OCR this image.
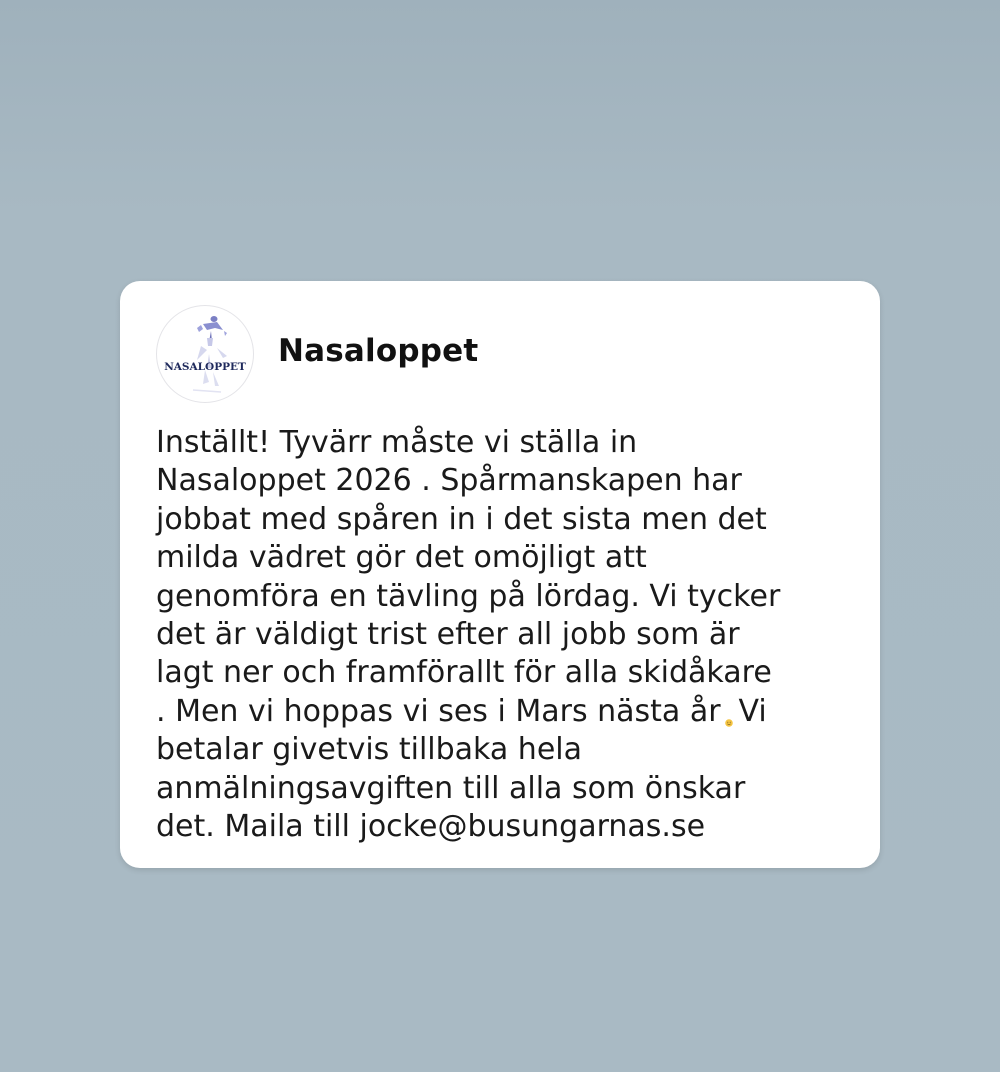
NASALOPPET Nasaloppet
Inställt! Tyvärr måste vi ställa in
Nasaloppet 2026 . Spårmanskapen har
jobbat med spåren in i det sista men det
milda vädret gör det omöjligt att
genomföra en tävling på lördag. Vi tycker
det är väldigt trist efter all jobb som är
lagt ner och framförallt för alla skidåkare
. Men vi hoppas vi ses i Mars nästa år Vi
betalar givetvis tillbaka hela
anmälningsavgiften till alla som önskar
det. Maila till jocke@busungarnas.se
